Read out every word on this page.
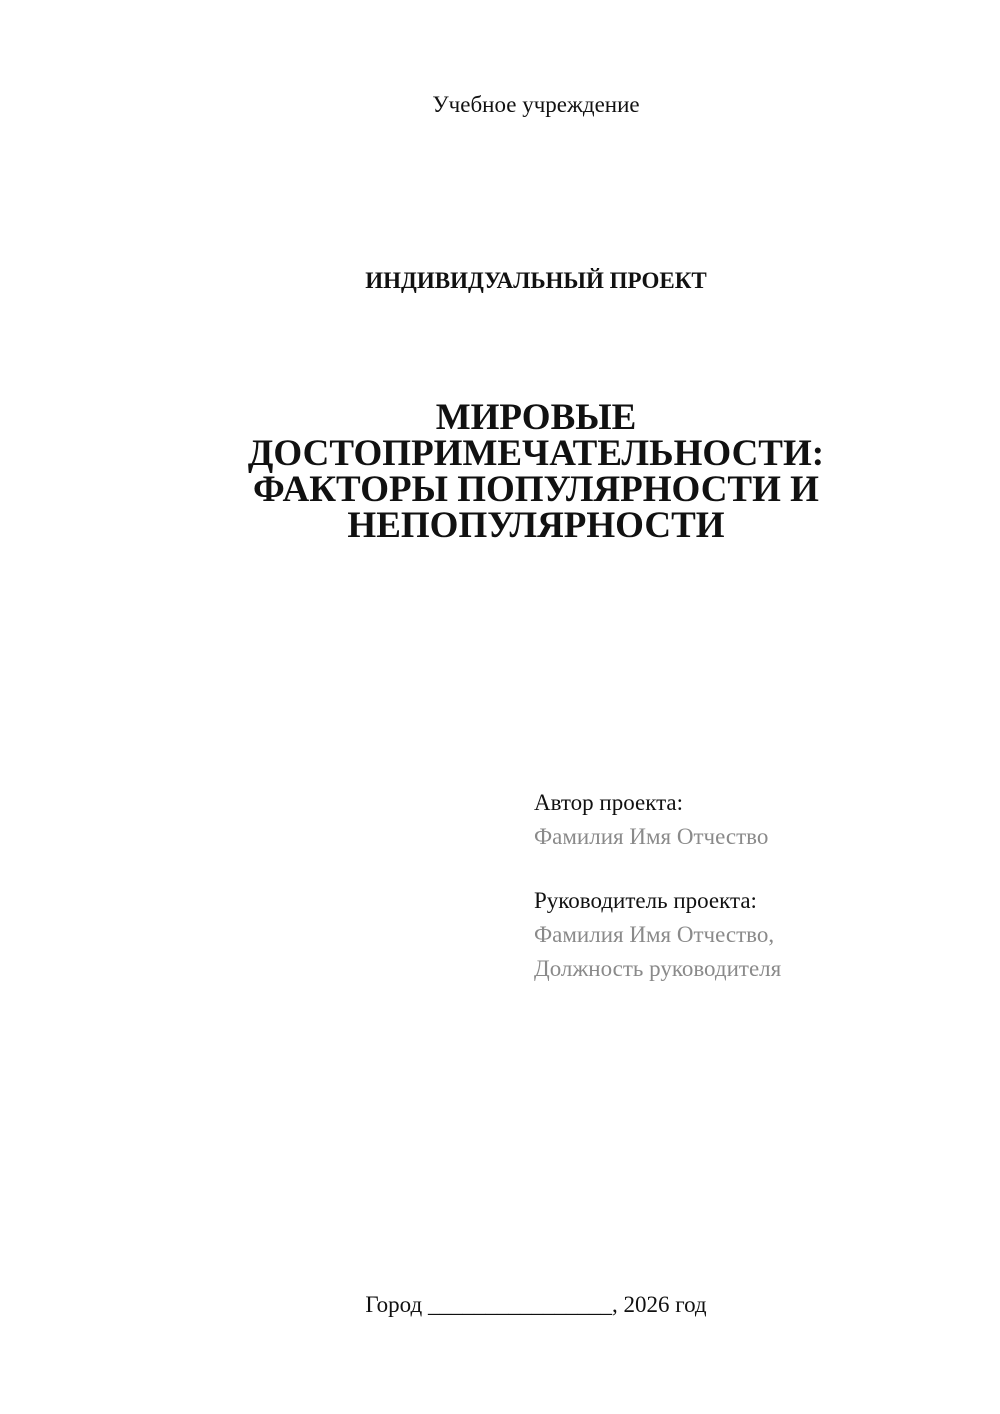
Учебное учреждение
ИНДИВИДУАЛЬНЫЙ ПРОЕКТ
МИРОВЫЕ
ДОСТОПРИМЕЧАТЕЛЬНОСТИ:
ФАКТОРЫ ПОПУЛЯРНОСТИ И
НЕПОПУЛЯРНОСТИ
Автор проекта:
Фамилия Имя Отчество
Руководитель проекта:
Фамилия Имя Отчество,
Должность руководителя
Город ________________, 2026 год
